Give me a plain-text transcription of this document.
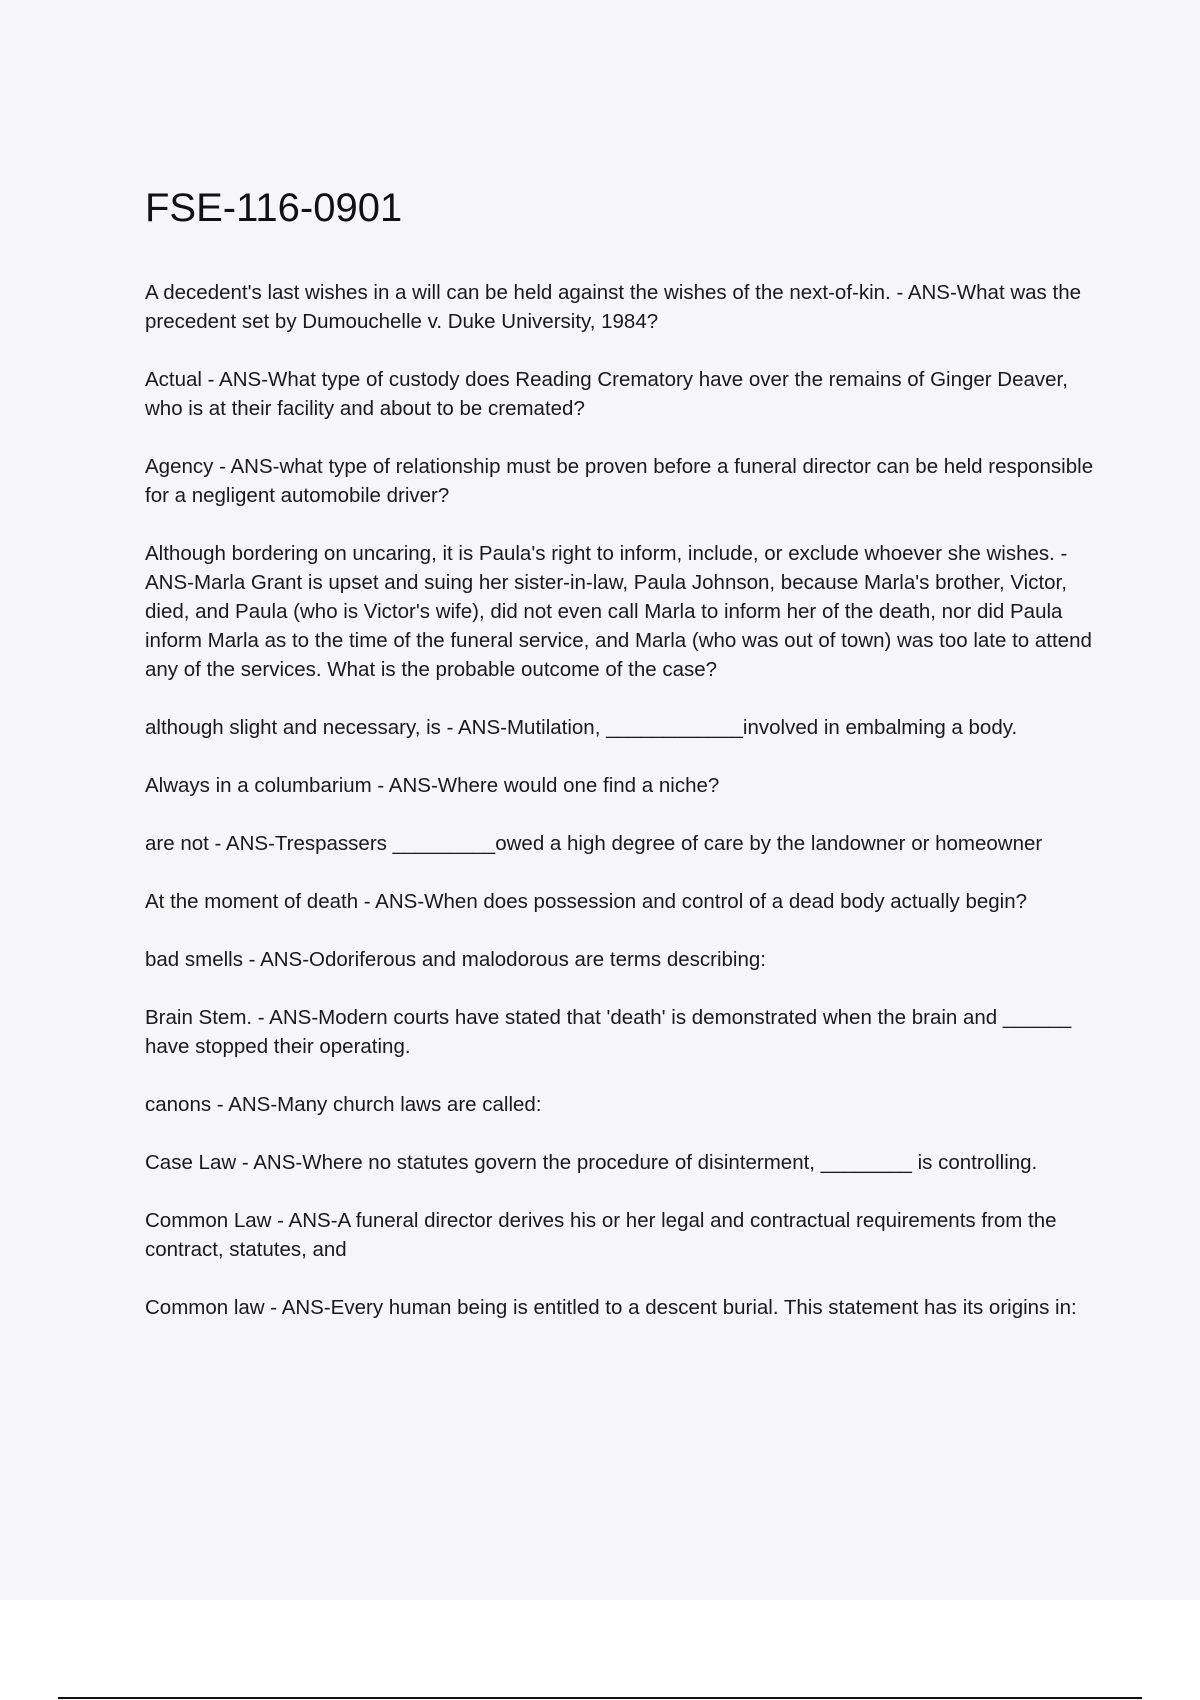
FSE-116-0901
A decedent's last wishes in a will can be held against the wishes of the next-of-kin. - ANS-What was the precedent set by Dumouchelle v. Duke University, 1984?
Actual - ANS-What type of custody does Reading Crematory have over the remains of Ginger Deaver, who is at their facility and about to be cremated?
Agency - ANS-what type of relationship must be proven before a funeral director can be held responsible for a negligent automobile driver?
Although bordering on uncaring, it is Paula's right to inform, include, or exclude whoever she wishes. - ANS-Marla Grant is upset and suing her sister-in-law, Paula Johnson, because Marla's brother, Victor, died, and Paula (who is Victor's wife), did not even call Marla to inform her of the death, nor did Paula inform Marla as to the time of the funeral service, and Marla (who was out of town) was too late to attend any of the services. What is the probable outcome of the case?
although slight and necessary, is - ANS-Mutilation, ____________involved in embalming a body.
Always in a columbarium - ANS-Where would one find a niche?
are not - ANS-Trespassers _________owed a high degree of care by the landowner or homeowner
At the moment of death - ANS-When does possession and control of a dead body actually begin?
bad smells - ANS-Odoriferous and malodorous are terms describing:
Brain Stem. - ANS-Modern courts have stated that 'death' is demonstrated when the brain and ______ have stopped their operating.
canons - ANS-Many church laws are called:
Case Law - ANS-Where no statutes govern the procedure of disinterment, ________ is controlling.
Common Law - ANS-A funeral director derives his or her legal and contractual requirements from the contract, statutes, and
Common law - ANS-Every human being is entitled to a descent burial. This statement has its origins in:
